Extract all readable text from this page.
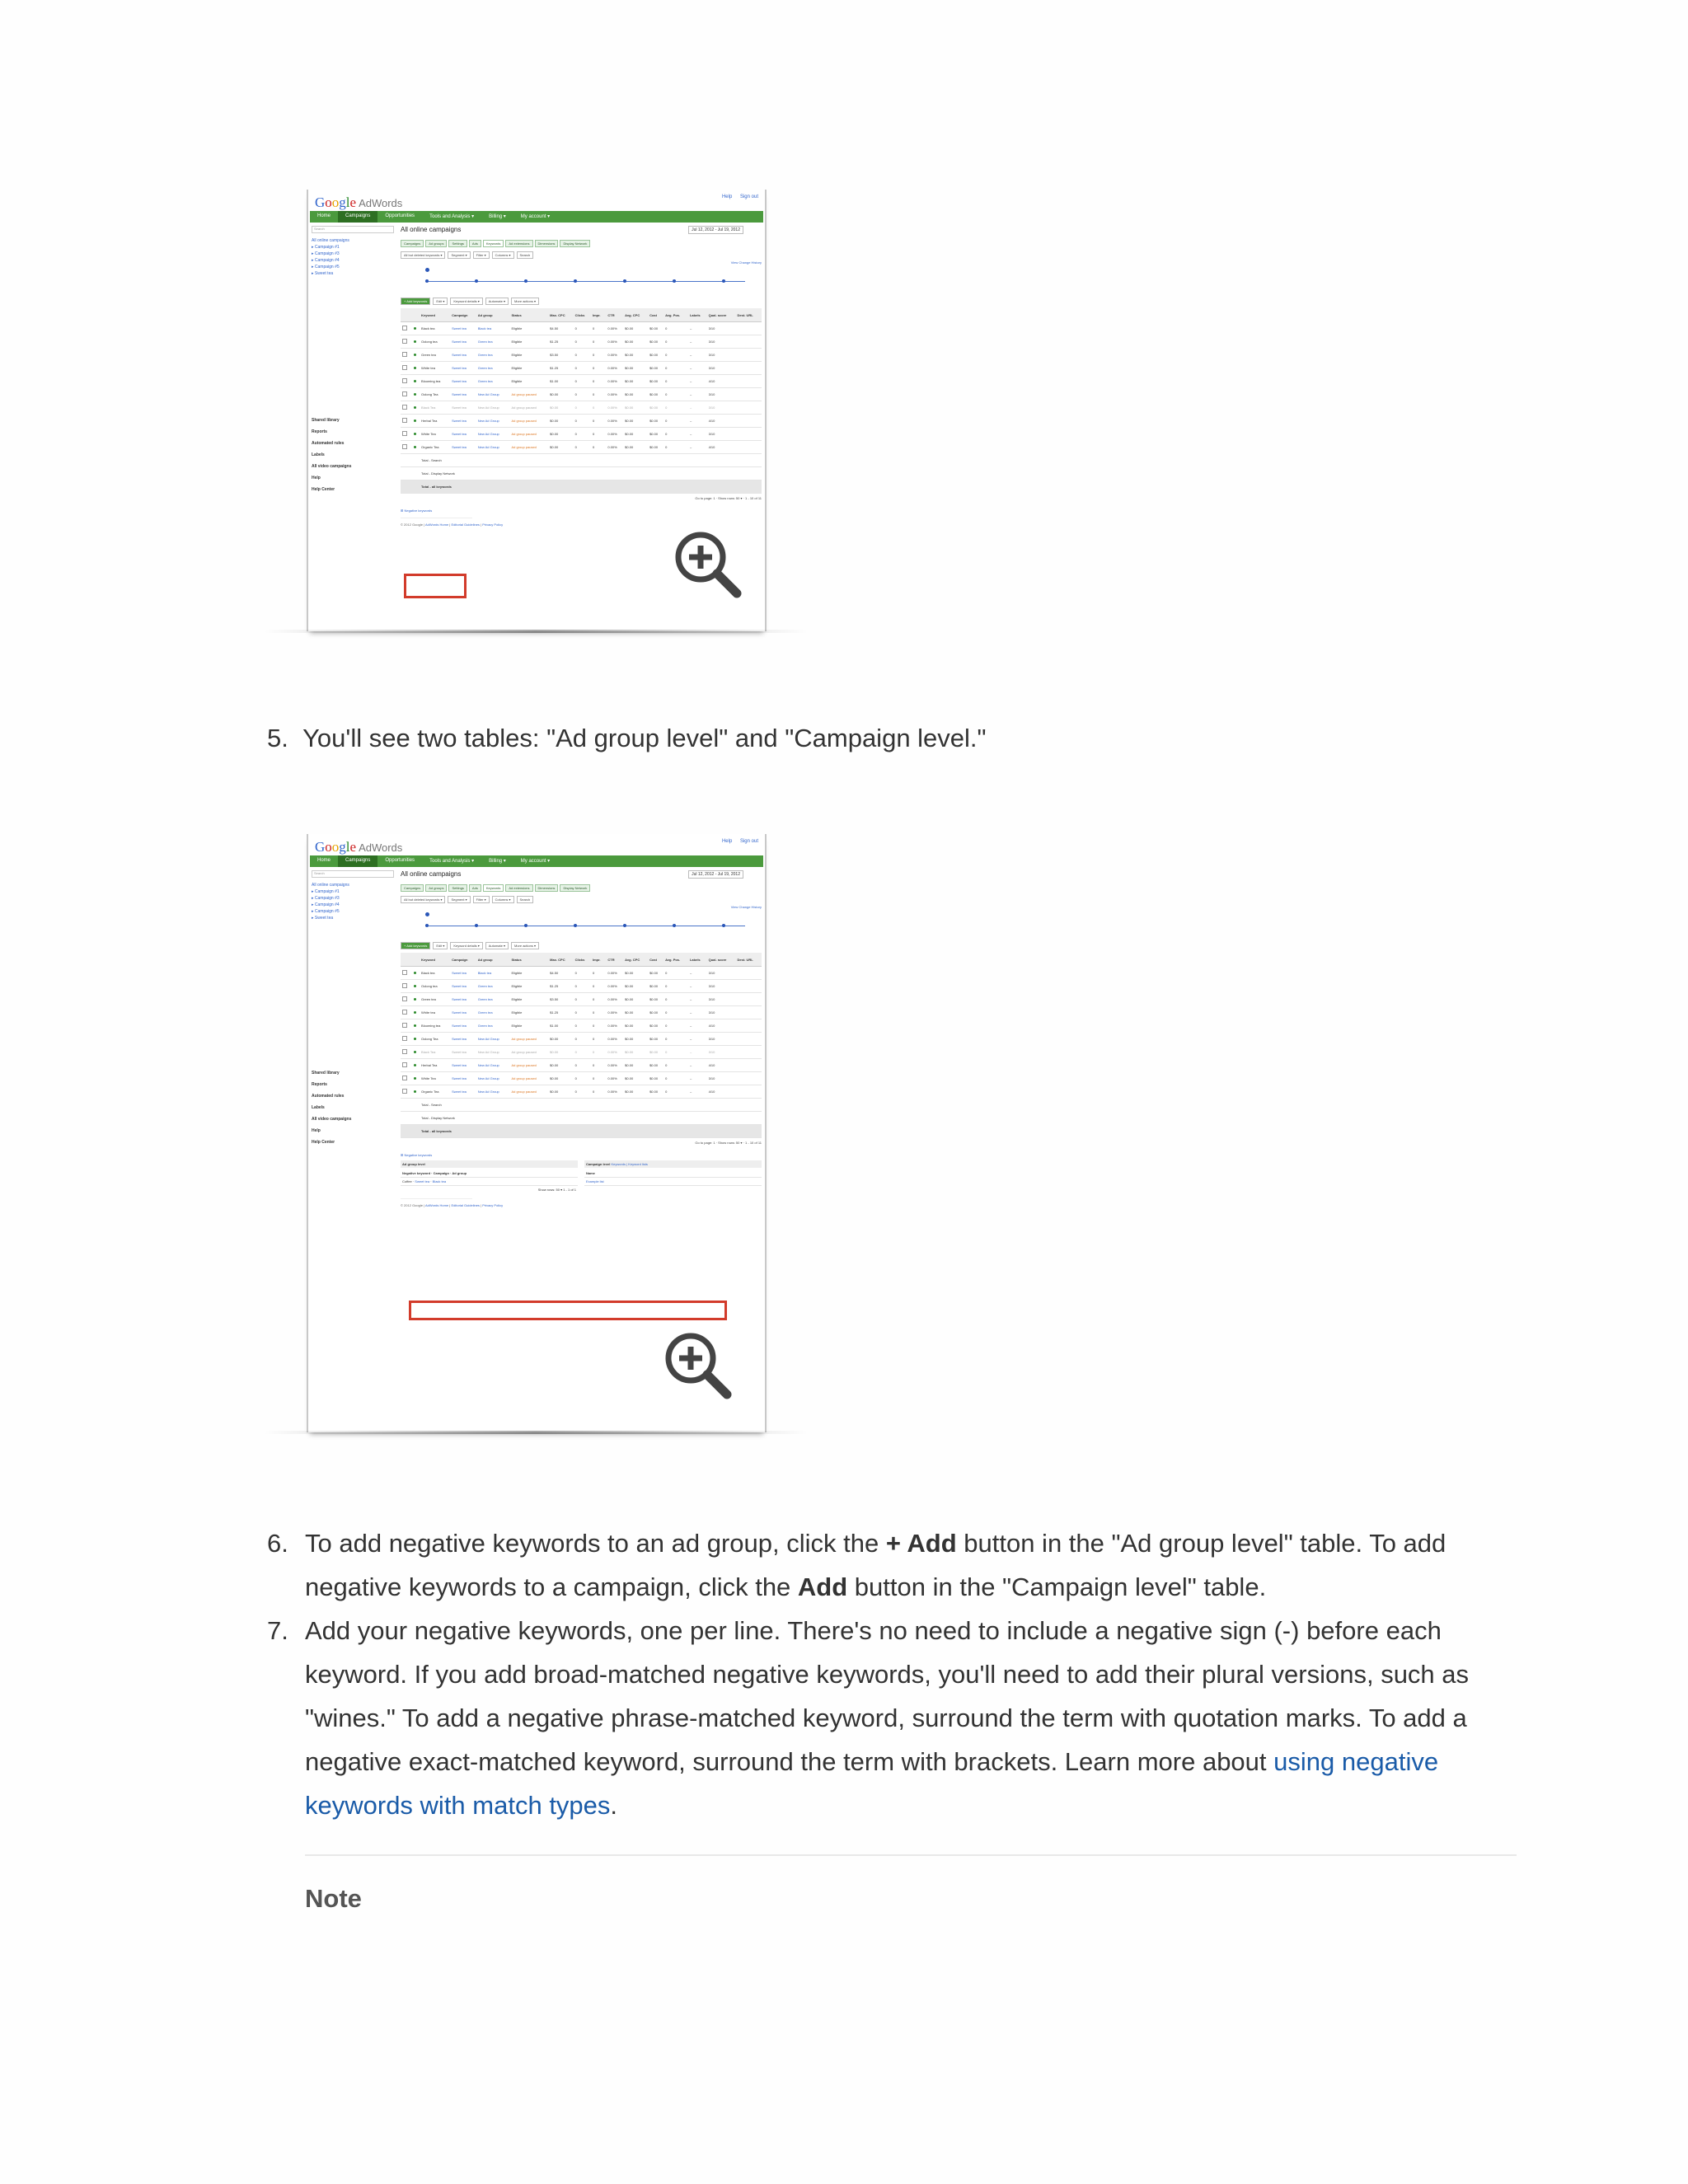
Google AdWords	Help Sign out
Home	Campaigns	Opportunities	Tools and Analysis ▾	Billing ▾	My account ▾
Search
All online campaigns
▸ Campaign #1
▸ Campaign #3
▸ Campaign #4
▸ Campaign #5
▸ Sweet tea
Shared library
Reports
Automated rules
Labels
All video campaigns
Help
Help Center
All online campaigns	Jul 12, 2012 - Jul 19, 2012
Campaigns	Ad groups	Settings	Ads	Keywords	Ad extensions	Dimensions	Display Network
All but deleted keywords ▾	Segment ▾	Filter ▾	Columns ▾	Search
View Change History
+ Add keywords	Edit ▾	Keyword details ▾	Automate ▾	More actions ▾
		Keyword	Campaign	Ad group	Status	Max. CPC	Clicks	Impr.	CTR	Avg. CPC	Cost	Avg. Pos.	Labels	Qual. score	Dest. URL
		Black tea	Sweet tea	Black tea	Eligible	$4.50	0	0	0.00%	$0.00	$0.00	0	–	3/10	
		Oolong tea	Sweet tea	Green tea	Eligible	$1.25	0	0	0.00%	$0.00	$0.00	0	–	3/10	
		Green tea	Sweet tea	Green tea	Eligible	$3.50	0	0	0.00%	$0.00	$0.00	0	–	3/10	
		White tea	Sweet tea	Green tea	Eligible	$1.25	0	0	0.00%	$0.00	$0.00	0	–	3/10	
		Blooming tea	Sweet tea	Green tea	Eligible	$1.00	0	0	0.00%	$0.00	$0.00	0	–	4/10	
		Oolong Tea	Sweet tea	New Ad Group	Ad group paused	$0.00	0	0	0.00%	$0.00	$0.00	0	–	3/10	
		Black Tea	Sweet tea	New Ad Group	Ad group paused	$0.00	0	0	0.00%	$0.00	$0.00	0	–	3/10	
		Herbal Tea	Sweet tea	New Ad Group	Ad group paused	$0.00	0	0	0.00%	$0.00	$0.00	0	–	4/10	
		White Tea	Sweet tea	New Ad Group	Ad group paused	$0.00	0	0	0.00%	$0.00	$0.00	0	–	3/10	
		Organic Tea	Sweet tea	New Ad Group	Ad group paused	$0.00	0	0	0.00%	$0.00	$0.00	0	–	4/10	
		Total - Search													
		Total - Display Network													
		Total - all keywords													
Go to page: 1 · Show rows: 50 ▾ · 1 - 10 of 11
⊞ Negative keywords
—————————————————————————————
© 2012 Google | AdWords Home | Editorial Guidelines | Privacy Policy
5. You'll see two tables: "Ad group level" and "Campaign level."
Google AdWords	Help Sign out
Home	Campaigns	Opportunities	Tools and Analysis ▾	Billing ▾	My account ▾
Search
All online campaigns
▸ Campaign #1
▸ Campaign #3
▸ Campaign #4
▸ Campaign #5
▸ Sweet tea
Shared library
Reports
Automated rules
Labels
All video campaigns
Help
Help Center
All online campaigns	Jul 12, 2012 - Jul 19, 2012
Campaigns	Ad groups	Settings	Ads	Keywords	Ad extensions	Dimensions	Display Network
All but deleted keywords ▾	Segment ▾	Filter ▾	Columns ▾	Search
View Change History
+ Add keywords	Edit ▾	Keyword details ▾	Automate ▾	More actions ▾
		Keyword	Campaign	Ad group	Status	Max. CPC	Clicks	Impr.	CTR	Avg. CPC	Cost	Avg. Pos.	Labels	Qual. score	Dest. URL
		Black tea	Sweet tea	Black tea	Eligible	$4.50	0	0	0.00%	$0.00	$0.00	0	–	3/10	
		Oolong tea	Sweet tea	Green tea	Eligible	$1.25	0	0	0.00%	$0.00	$0.00	0	–	3/10	
		Green tea	Sweet tea	Green tea	Eligible	$3.50	0	0	0.00%	$0.00	$0.00	0	–	3/10	
		White tea	Sweet tea	Green tea	Eligible	$1.25	0	0	0.00%	$0.00	$0.00	0	–	3/10	
		Blooming tea	Sweet tea	Green tea	Eligible	$1.00	0	0	0.00%	$0.00	$0.00	0	–	4/10	
		Oolong Tea	Sweet tea	New Ad Group	Ad group paused	$0.00	0	0	0.00%	$0.00	$0.00	0	–	3/10	
		Black Tea	Sweet tea	New Ad Group	Ad group paused	$0.00	0	0	0.00%	$0.00	$0.00	0	–	3/10	
		Herbal Tea	Sweet tea	New Ad Group	Ad group paused	$0.00	0	0	0.00%	$0.00	$0.00	0	–	4/10	
		White Tea	Sweet tea	New Ad Group	Ad group paused	$0.00	0	0	0.00%	$0.00	$0.00	0	–	3/10	
		Organic Tea	Sweet tea	New Ad Group	Ad group paused	$0.00	0	0	0.00%	$0.00	$0.00	0	–	4/10	
		Total - Search													
		Total - Display Network													
		Total - all keywords													
Go to page: 1 · Show rows: 50 ▾ · 1 - 10 of 11
⊞ Negative keywords
Ad group level
Negative keyword · Campaign · Ad group
Coffee · Sweet tea · Black tea
Show rows: 50 ▾ 1 - 1 of 1
Campaign level Keywords | Keyword lists
Name
Example list
—————————————————————————————
© 2012 Google | AdWords Home | Editorial Guidelines | Privacy Policy
6. To add negative keywords to an ad group, click the + Add button in the "Ad group level" table. To add negative keywords to a campaign, click the Add button in the "Campaign level" table.
7. Add your negative keywords, one per line. There's no need to include a negative sign (-) before each keyword. If you add broad-matched negative keywords, you'll need to add their plural versions, such as "wines." To add a negative phrase-matched keyword, surround the term with quotation marks. To add a negative exact-matched keyword, surround the term with brackets. Learn more about using negative keywords with match types.
Note
